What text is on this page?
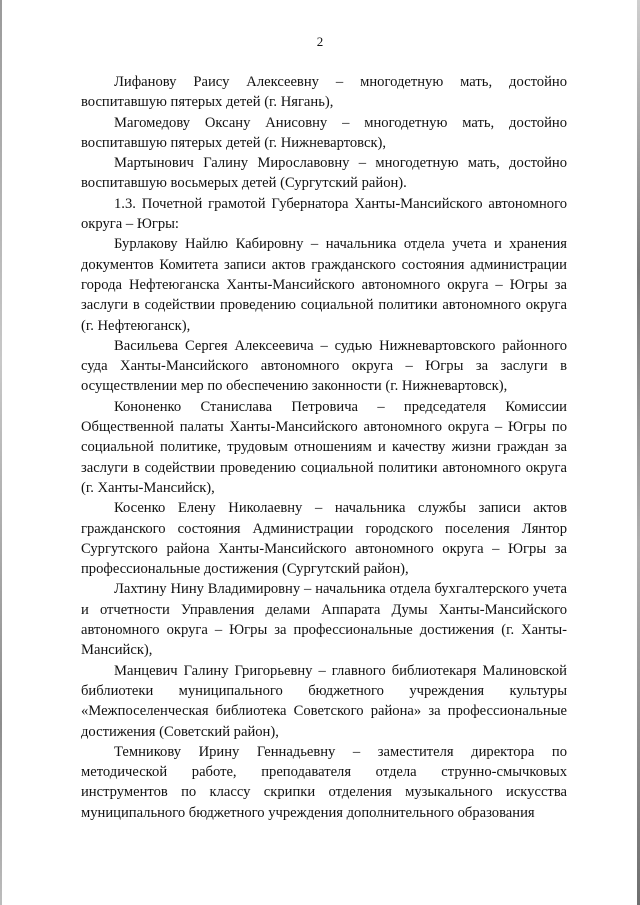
2

Лифанову Раису Алексеевну – многодетную мать, достойно воспитавшую пятерых детей (г. Нягань),

Магомедову Оксану Анисовну – многодетную мать, достойно воспитавшую пятерых детей (г. Нижневартовск),

Мартынович Галину Мирославовну – многодетную мать, достойно воспитавшую восьмерых детей (Сургутский район).

1.3. Почетной грамотой Губернатора Ханты-Мансийского автономного округа – Югры:

Бурлакову Найлю Кабировну – начальника отдела учета и хранения документов Комитета записи актов гражданского состояния администрации города Нефтеюганска Ханты-Мансийского автономного округа – Югры за заслуги в содействии проведению социальной политики автономного округа (г. Нефтеюганск),

Васильева Сергея Алексеевича – судью Нижневартовского районного суда Ханты-Мансийского автономного округа – Югры за заслуги в осуществлении мер по обеспечению законности (г. Нижневартовск),

Кононенко Станислава Петровича – председателя Комиссии Общественной палаты Ханты-Мансийского автономного округа – Югры по социальной политике, трудовым отношениям и качеству жизни граждан за заслуги в содействии проведению социальной политики автономного округа (г. Ханты-Мансийск),

Косенко Елену Николаевну – начальника службы записи актов гражданского состояния Администрации городского поселения Лянтор Сургутского района Ханты-Мансийского автономного округа – Югры за профессиональные достижения (Сургутский район),

Лахтину Нину Владимировну – начальника отдела бухгалтерского учета и отчетности Управления делами Аппарата Думы Ханты-Мансийского автономного округа – Югры за профессиональные достижения (г. Ханты-Мансийск),

Манцевич Галину Григорьевну – главного библиотекаря Малиновской библиотеки муниципального бюджетного учреждения культуры «Межпоселенческая библиотека Советского района» за профессиональные достижения (Советский район),

Темникову Ирину Геннадьевну – заместителя директора по методической работе, преподавателя отдела струнно-смычковых инструментов по классу скрипки отделения музыкального искусства муниципального бюджетного учреждения дополнительного образования
